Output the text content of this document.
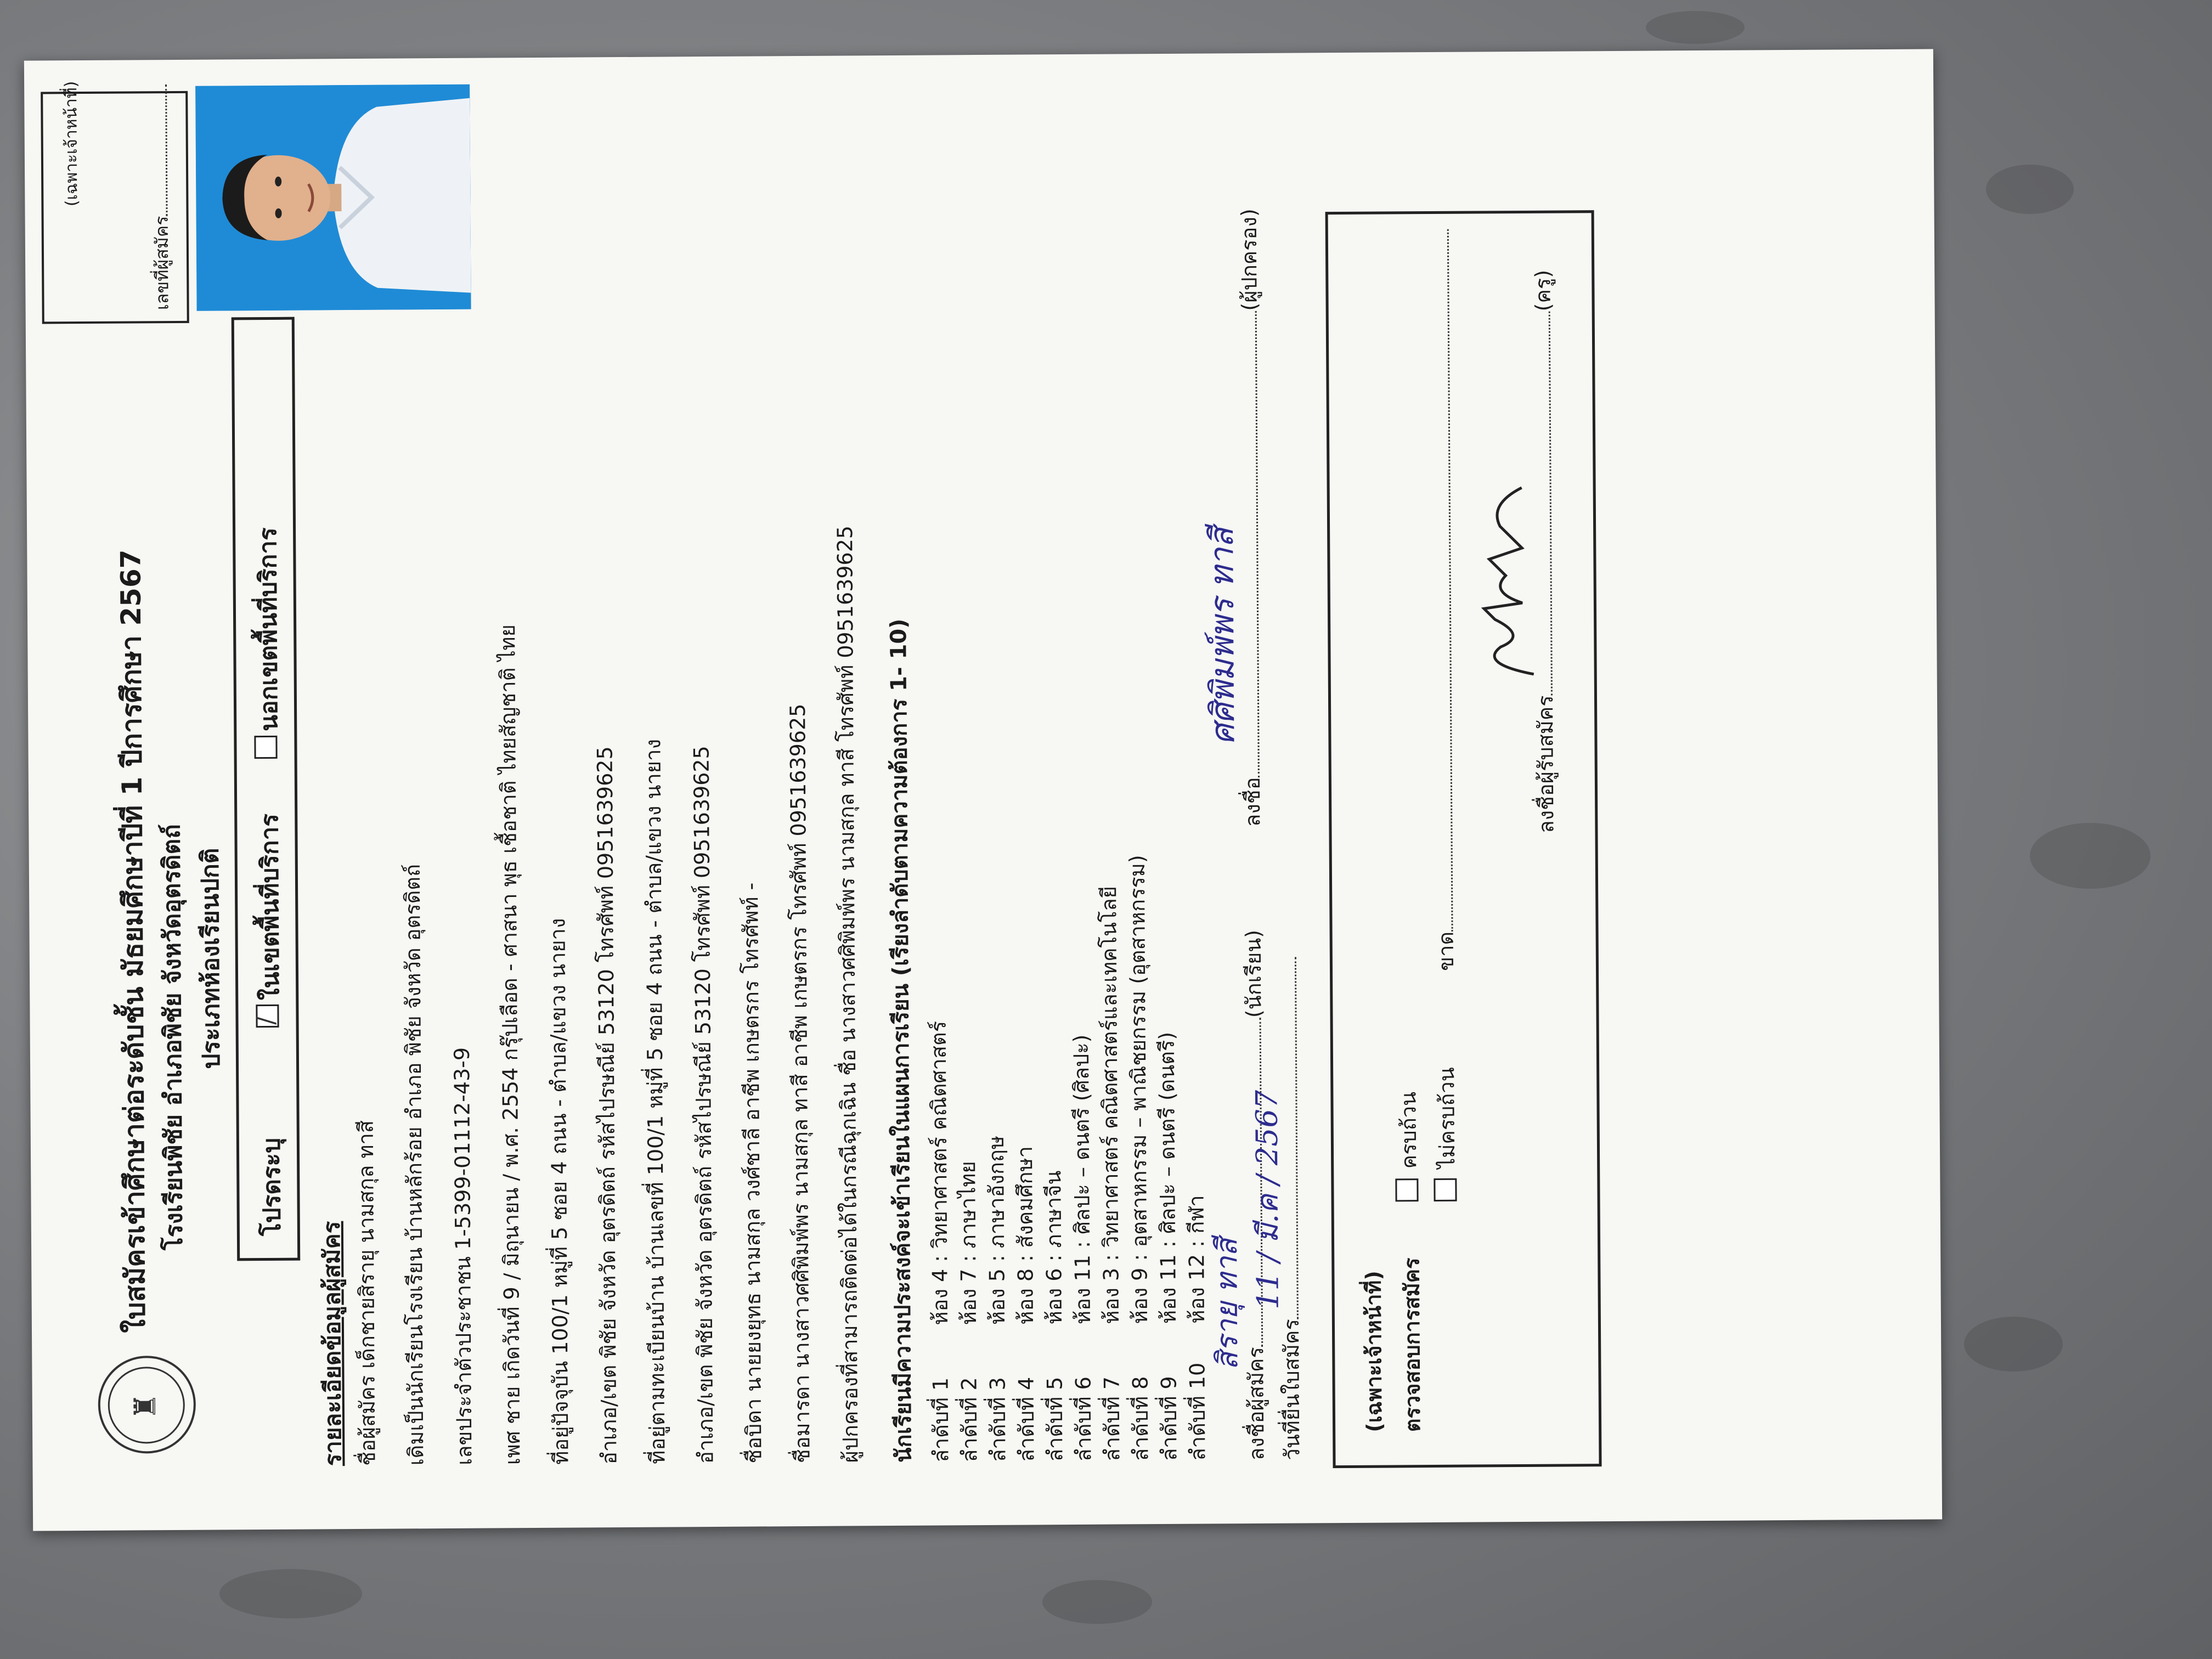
♜
ใบสมัครเข้าศึกษาต่อระดับชั้น มัธยมศึกษาปีที่ 1 ปีการศึกษา 2567 โรงเรียนพิชัย อำเภอพิชัย จังหวัดอุตรดิตถ์ ประเภทห้องเรียนปกติ
โปรดระบุ
/
ในเขตพื้นที่บริการ
นอกเขตพื้นที่บริการ
(เฉพาะเจ้าหน้าที่)
เลขที่ผู้สมัคร
รายละเอียดข้อมูลผู้สมัคร ชื่อผู้สมัคร เด็กชายสิรายุ นามสกุล ทาสี เดิมเป็นนักเรียนโรงเรียน บ้านหลักร้อย อำเภอ พิชัย จังหวัด อุตรดิตถ์ เลขประจำตัวประชาชน 1-5399-01112-43-9 เพศ ชาย เกิดวันที่ 9 / มิถุนายน / พ.ศ. 2554 กรุ๊ปเลือด - ศาสนา พุธ เชื้อชาติ ไทยสัญชาติ ไทย ที่อยู่ปัจจุบัน 100/1 หมู่ที่ 5 ซอย 4 ถนน - ตำบล/แขวง นายาง อำเภอ/เขต พิชัย จังหวัด อุตรดิตถ์ รหัสไปรษณีย์ 53120 โทรศัพท์ 0951639625 ที่อยู่ตามทะเบียนบ้าน บ้านเลขที่ 100/1 หมู่ที่ 5 ซอย 4 ถนน - ตำบล/แขวง นายาง อำเภอ/เขต พิชัย จังหวัด อุตรดิตถ์ รหัสไปรษณีย์ 53120 โทรศัพท์ 0951639625 ชื่อบิดา นายยงยุทธ นามสกุล วงศ์ชาลี อาชีพ เกษตรกร โทรศัพท์ - ชื่อมารดา นางสาวศศิพิมพ์พร นามสกุล ทาสี อาชีพ เกษตรกร โทรศัพท์ 0951639625 ผู้ปกครองที่สามารถติดต่อได้ในกรณีฉุกเฉิน ชื่อ นางสาวศศิพิมพ์พร นามสกุล ทาสี โทรศัพท์ 0951639625 นักเรียนมีความประสงค์จะเข้าเรียนในแผนการเรียน (เรียงลำดับตามความต้องการ 1- 10) ลำดับที่ 1ห้อง 4 : วิทยาศาสตร์ คณิตศาสตร์
ลำดับที่ 2ห้อง 7 : ภาษาไทย
ลำดับที่ 3ห้อง 5 : ภาษาอังกฤษ
ลำดับที่ 4ห้อง 8 : สังคมศึกษา
ลำดับที่ 5ห้อง 6 : ภาษาจีน
ลำดับที่ 6ห้อง 11 : ศิลปะ – ดนตรี (ศิลปะ)
ลำดับที่ 7ห้อง 3 : วิทยาศาสตร์ คณิตศาสตร์และเทคโนโลยี
ลำดับที่ 8ห้อง 9 : อุตสาหกรรม – พาณิชยกรรม (อุตสาหกรรม)
ลำดับที่ 9ห้อง 11 : ศิลปะ – ดนตรี (ดนตรี)
ลำดับที่ 10ห้อง 12 : กีฬา
ลงชื่อผู้สมัคร(นักเรียน)
สิรายุ ทาสี
วันที่ยื่นใบสมัคร
11 / มี.ค / 2567
ลงชื่อ(ผู้ปกครอง)
ศศิพิมพ์พร ทาสี
(เฉพาะเจ้าหน้าที่) ตรวจสอบการสมัคร
ครบถ้วน ไม่ครบถ้วน
ขาด
ลงชื่อผู้รับสมัคร(ครู)
